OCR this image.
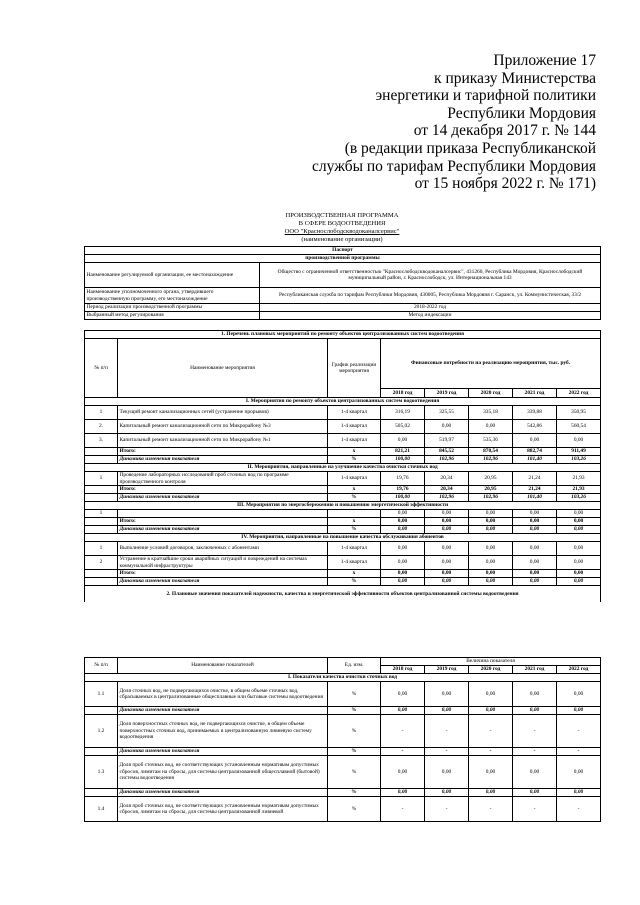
Приложение 17
к приказу Министерства
энергетики и тарифной политики
Республики Мордовия
от 14 декабря 2017 г. № 144
(в редакции приказа Республиканской
службы по тарифам Республики Мордовия
от 15 ноября 2022 г. № 171)
ПРОИЗВОДСТВЕННАЯ ПРОГРАММА
В СФЕРЕ ВОДООТВЕДЕНИЯ
ООО "Краснослободскводоканалсервис"
(наименование организации)
Паспорт	
производственной программы	
Наименование регулируемой организации, ее местонахождение	Общество с ограниченной ответственностью "Краснослободскводоканалсервис", 431260, Республика Мордовия, Краснослободский муниципальный район, г. Краснослободск, ул. Интернациональная 143
Наименование уполномоченного органа, утвердившего производственную программу, его местонахождение	Республиканская служба по тарифам Республики Мордовия, 430005, Республика Мордовия г. Саранск, ул. Коммунистическая, 33/2
Период реализации производственной программы	2018-2022 год
Выбранный метод регулирования	Метод индексации
1. Перечень плановых мероприятий по ремонту объектов централизованных систем водоотведения							
№ п/п	Наименование мероприятия	График реализации мероприятия	Финансовые потребности на реализацию мероприятия, тыс. руб.				
			2018 год	2019 год	2020 год	2021 год	2022 год
I. Мероприятия по ремонту объектов централизованных систем водоотведения							
1	Текущий ремонт канализационных сетей (устранение прорывов)	1-4 квартал	316,19	325,55	335,18	339,88	350,95
2.	Капитальный ремонт канализационной сети по Микрорайону №3	1-4 квартал	505,02	0,00	0,00	542,86	560,54
3.	Капитальный ремонт канализационной сети по Микрорайону №1	1-4 квартал	0,00	519,97	535,36	0,00	0,00
	Итого:	x	821,21	845,52	870,54	882,74	911,49
	Динамика изменения показателя	%	100,00	102,96	102,96	101,40	103,26
II. Мероприятия, направленные на улучшение качества очистки сточных вод							
1	Проведение лабораторных исследований проб сточных вод по программе производственного контроля	1-4 квартал	19,76	20,34	20,95	21,24	21,93
	Итого:	x	19,76	20,34	20,95	21,24	21,93
	Динамика изменения показателя	%	100,00	102,96	102,96	101,40	103,26
III. Мероприятия по энергосбережению и повышению энергетической эффективности							
1			0,00	0,00	0,00	0,00	0,00
	Итого:	x	0,00	0,00	0,00	0,00	0,00
	Динамика изменения показателя	%	0,00	0,00	0,00	0,00	0,00
IV. Мероприятия, направленные на повышение качества обслуживания абонентов							
1	Выполнение условий договоров, заключенных с абонентами	1-4 квартал	0,00	0,00	0,00	0,00	0,00
2	Устранение в кратчайшие сроки аварийных ситуаций и повреждений на системах коммунальной инфраструктуры	1-4 квартал	0,00	0,00	0,00	0,00	0,00
	Итого:	x	0,00	0,00	0,00	0,00	0,00
	Динамика изменения показателя	%	0,00	0,00	0,00	0,00	0,00
2. Плановые значения показателей надежности, качества и энергетической эффективности объектов централизованной системы водоотведения							
№ п/п	Наименование показателей	Ед. изм.	Величина показателя				
			2018 год	2019 год	2020 год	2021 год	2022 год
I. Показатели качества очистки сточных вод							
1.1	Доля сточных вод, не подвергающихся очистке, в общем объеме сточных вод, сбрасываемых в централизованные общесплавные или бытовые системы водоотведения	%	0,00	0,00	0,00	0,00	0,00
	Динамика изменения показателя	%	0,00	0,00	0,00	0,00	0,00
1.2	Доля поверхностных сточных вод, не подвергающихся очистке, в общем объеме поверхностных сточных вод, принимаемых в централизованную ливневую систему водоотведения	%	-	-	-	-	-
	Динамика изменения показателя	%	-	-	-	-	-
1.3	Доля проб сточных вод, не соответствующих установленным нормативам допустимых сбросов, лимитам на сбросы, для системы централизованной общесплавной (бытовой) системы водоотведения	%	0,00	0,00	0,00	0,00	0,00
	Динамика изменения показателя	%	0,00	0,00	0,00	0,00	0,00
1.4	Доля проб сточных вод, не соответствующих установленным нормативам допустимых сбросов, лимитам на сбросы, для системы централизованной ливневой	%	-	-	-	-	-
